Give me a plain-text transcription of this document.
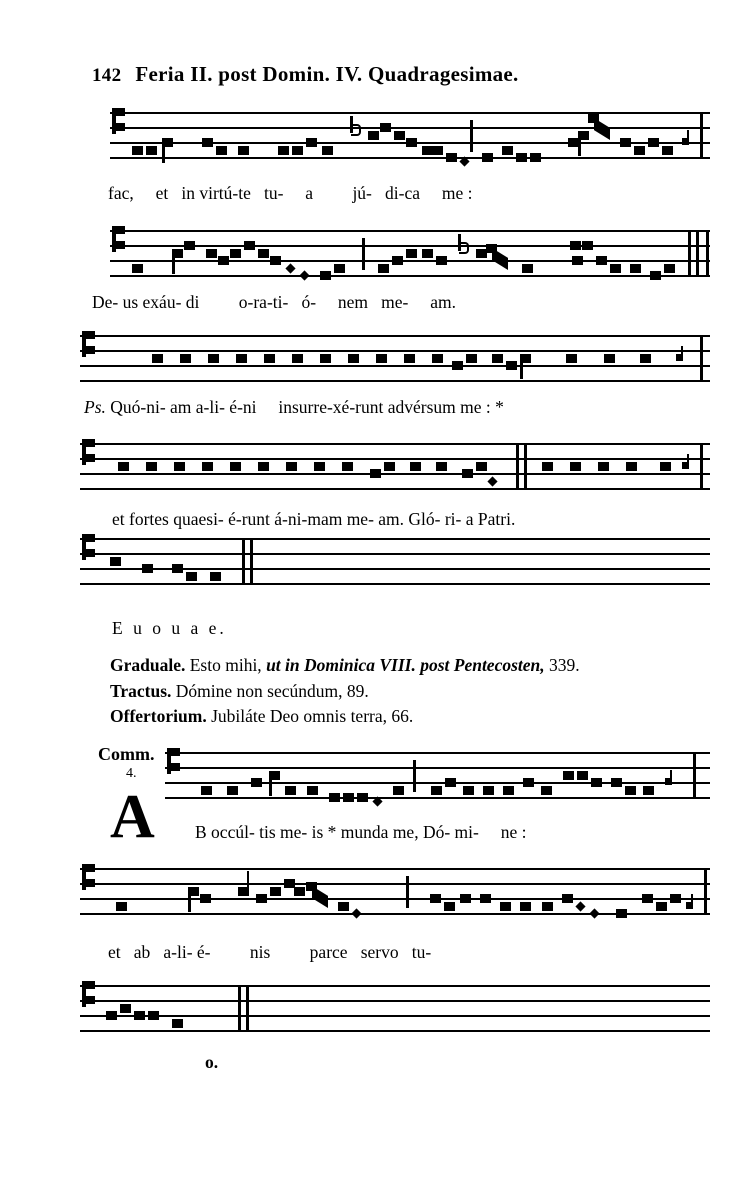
142 Feria II. post Domin. IV. Quadragesimae.
fac,  et  in virtú-te  tu-  a   jú-  di-ca  me :
De- us exáu- di   o-ra-ti-  ó-  nem  me-  am.
Ps. Quó-ni- am a-li- é-ni  insurre-xé-runt advérsum me : *
et fortes quaesi- é-runt á-ni-mam me- am. Gló- ri- a Patri.
E u o u a e.
Graduale. Esto mihi, ut in Dominica VIII. post Pentecosten, 339.
Tractus. Dómine non secúndum, 89.
Offertorium. Jubiláte Deo omnis terra, 66.
Comm.
4.
A B occúl- tis me- is * munda me, Dó- mi-  ne :
et  ab  a-li- é-   nis   parce  servo  tu-
o.
